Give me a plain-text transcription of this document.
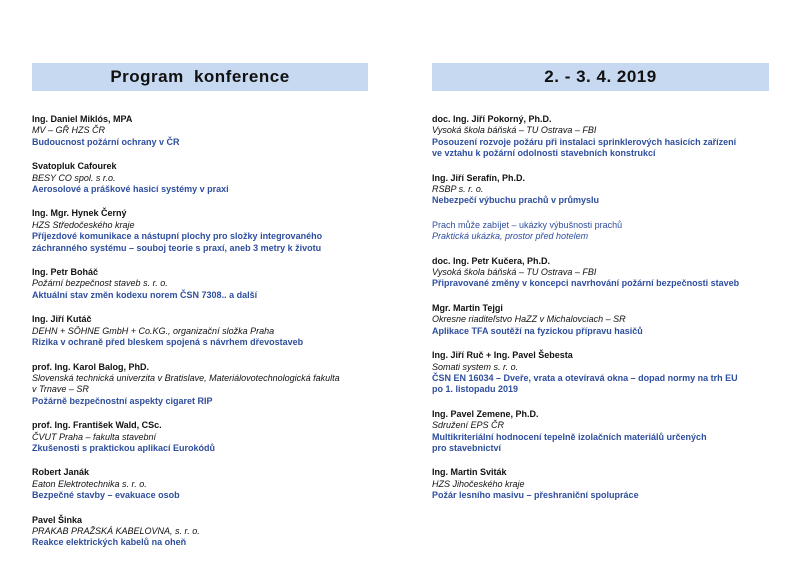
Program konference	2. - 3. 4. 2019
Ing. Daniel Miklós, MPA
MV – GŘ HZS ČR
Budoucnost požární ochrany v ČR
Svatopluk Cafourek
BESY CO spol. s r.o.
Aerosolové a práškové hasicí systémy v praxi
Ing. Mgr. Hynek Černý
HZS Středočeského kraje
Příjezdové komunikace a nástupní plochy pro složky integrovaného
záchranného systému – souboj teorie s praxí, aneb 3 metry k životu
Ing. Petr Boháč
Požární bezpečnost staveb s. r. o.
Aktuální stav změn kodexu norem ČSN 7308.. a další
Ing. Jiří Kutáč
DEHN + SÖHNE GmbH + Co.KG., organizační složka Praha
Rizika v ochraně před bleskem spojená s návrhem dřevostaveb
prof. Ing. Karol Balog, PhD.
Slovenská technická univerzita v Bratislave, Materiálovotechnologická fakulta
v Trnave – SR
Požárně bezpečnostní aspekty cigaret RIP
prof. Ing. František Wald, CSc.
ČVUT Praha – fakulta stavební
Zkušenosti s praktickou aplikací Eurokódů
Robert Janák
Eaton Elektrotechnika s. r. o.
Bezpečné stavby – evakuace osob
Pavel Šinka
PRAKAB PRAŽSKÁ KABELOVNA, s. r. o.
Reakce elektrických kabelů na oheň
doc. Ing. Jiří Pokorný, Ph.D.
Vysoká škola báňská – TU Ostrava – FBI
Posouzení rozvoje požáru při instalaci sprinklerových hasicích zařízení
ve vztahu k požární odolnosti stavebních konstrukcí
Ing. Jiří Serafín, Ph.D.
RSBP s. r. o.
Nebezpečí výbuchu prachů v průmyslu
Prach může zabíjet – ukázky výbušnosti prachů
Praktická ukázka, prostor před hotelem
doc. Ing. Petr Kučera, Ph.D.
Vysoká škola báňská – TU Ostrava – FBI
Připravované změny v koncepci navrhování požární bezpečnosti staveb
Mgr. Martin Tejgi
Okresne riaditeľstvo HaZZ v Michalovciach – SR
Aplikace TFA soutěží na fyzickou přípravu hasičů
Ing. Jiří Ruč + Ing. Pavel Šebesta
Somati system s. r. o.
ČSN EN 16034 – Dveře, vrata a otevíravá okna – dopad normy na trh EU
po 1. listopadu 2019
Ing. Pavel Zemene, Ph.D.
Sdružení EPS ČR
Multikriteriální hodnocení tepelně izolačních materiálů určených
pro stavebnictví
Ing. Martin Sviták
HZS Jihočeského kraje
Požár lesního masivu – přeshraniční spolupráce
